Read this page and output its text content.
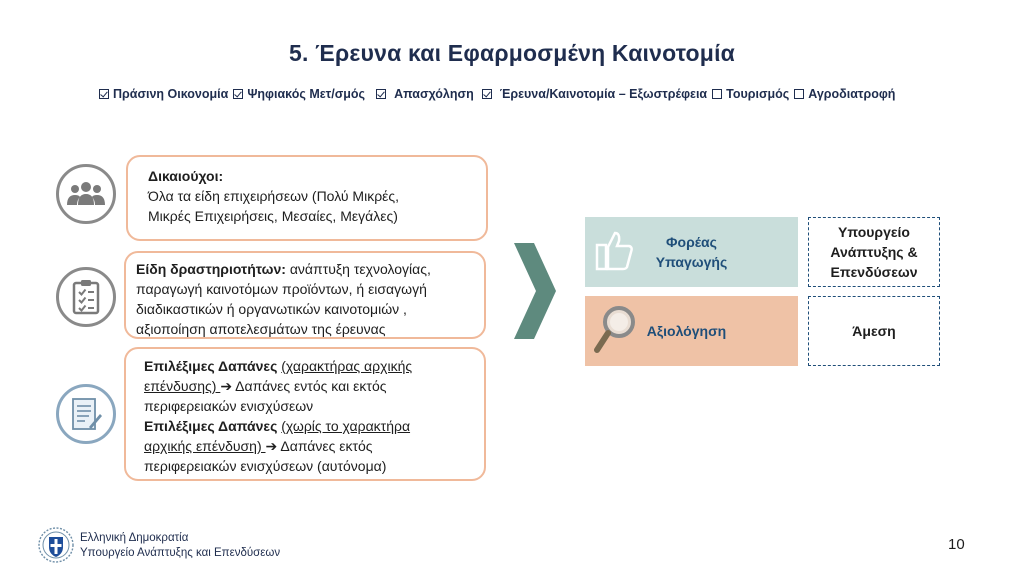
5. Έρευνα και Εφαρμοσμένη Καινοτομία
Πράσινη Οικονομία Ψηφιακός Μετ/σμός Απασχόληση Έρευνα/Καινοτομία – Εξωστρέφεια Τουρισμός Αγροδιατροφή
Δικαιούχοι:
Όλα τα είδη επιχειρήσεων (Πολύ Μικρές,
Μικρές Επιχειρήσεις, Μεσαίες, Μεγάλες)
Είδη δραστηριοτήτων: ανάπτυξη τεχνολογίας,
παραγωγή καινοτόμων προϊόντων, ή εισαγωγή
διαδικαστικών ή οργανωτικών καινοτομιών ,
αξιοποίηση αποτελεσμάτων της έρευνας
Επιλέξιμες Δαπάνες (χαρακτήρας αρχικής
επένδυσης) ➔ Δαπάνες εντός και εκτός
περιφερειακών ενισχύσεων
Επιλέξιμες Δαπάνες (χωρίς το χαρακτήρα
αρχικής επένδυση) ➔ Δαπάνες εκτός
περιφερειακών ενισχύσεων (αυτόνομα)
Φορέας
Υπαγωγής
Υπουργείο
Ανάπτυξης &
Επενδύσεων
Αξιολόγηση	Άμεση
Ελληνική Δημοκρατία
Υπουργείο Ανάπτυξης και Επενδύσεων	10
